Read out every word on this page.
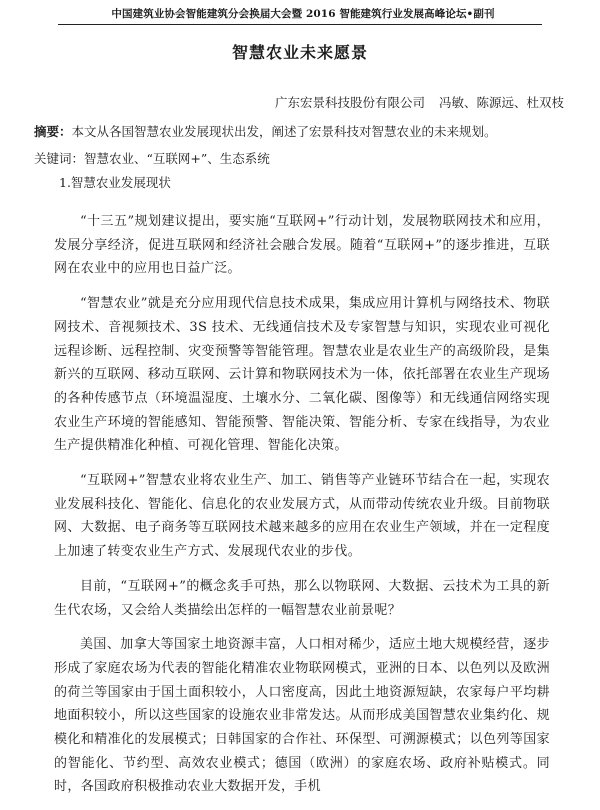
中国建筑业协会智能建筑分会换届大会暨 2016 智能建筑行业发展高峰论坛•副刊
智慧农业未来愿景
广东宏景科技股份有限公司 冯敏、陈源远、杜双枝
摘要：本文从各国智慧农业发展现状出发，阐述了宏景科技对智慧农业的未来规划。
关键词：智慧农业、“互联网+”、生态系统
1.智慧农业发展现状

“十三五”规划建议提出，要实施“互联网+”行动计划，发展物联网技术和应用，发展分享经济，促进互联网和经济社会融合发展。随着“互联网+”的逐步推进，互联网在农业中的应用也日益广泛。

“智慧农业”就是充分应用现代信息技术成果，集成应用计算机与网络技术、物联网技术、音视频技术、3S 技术、无线通信技术及专家智慧与知识，实现农业可视化远程诊断、远程控制、灾变预警等智能管理。智慧农业是农业生产的高级阶段，是集新兴的互联网、移动互联网、云计算和物联网技术为一体，依托部署在农业生产现场的各种传感节点（环境温湿度、土壤水分、二氧化碳、图像等）和无线通信网络实现农业生产环境的智能感知、智能预警、智能决策、智能分析、专家在线指导，为农业生产提供精准化种植、可视化管理、智能化决策。

“互联网+”智慧农业将农业生产、加工、销售等产业链环节结合在一起，实现农业发展科技化、智能化、信息化的农业发展方式，从而带动传统农业升级。目前物联网、大数据、电子商务等互联网技术越来越多的应用在农业生产领域，并在一定程度上加速了转变农业生产方式、发展现代农业的步伐。

目前，“互联网+”的概念炙手可热，那么以物联网、大数据、云技术为工具的新生代农场，又会给人类描绘出怎样的一幅智慧农业前景呢？

美国、加拿大等国家土地资源丰富，人口相对稀少，适应土地大规模经营，逐步形成了家庭农场为代表的智能化精准农业物联网模式，亚洲的日本、以色列以及欧洲的荷兰等国家由于国土面积较小，人口密度高，因此土地资源短缺，农家每户平均耕地面积较小，所以这些国家的设施农业非常发达。从而形成美国智慧农业集约化、规模化和精准化的发展模式；日韩国家的合作社、环保型、可溯源模式；以色列等国家的智能化、节约型、高效农业模式；德国（欧洲）的家庭农场、政府补贴模式。同时，各国政府积极推动农业大数据开发，手机
